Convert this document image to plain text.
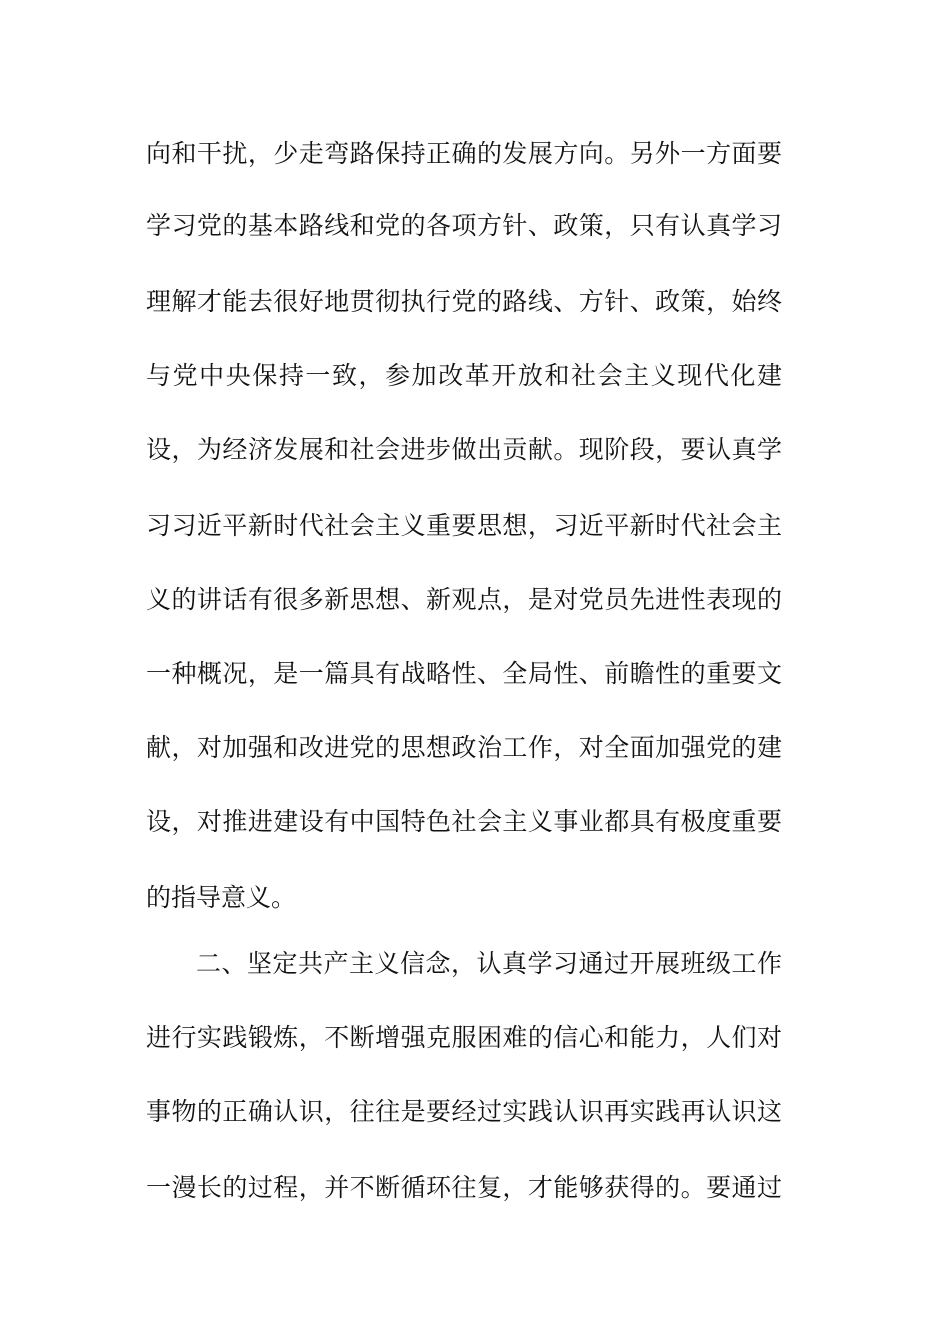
向和干扰，少走弯路保持正确的发展方向。另外一方面要
学习党的基本路线和党的各项方针、政策，只有认真学习
理解才能去很好地贯彻执行党的路线、方针、政策，始终
与党中央保持一致，参加改革开放和社会主义现代化建
设，为经济发展和社会进步做出贡献。现阶段，要认真学
习习近平新时代社会主义重要思想，习近平新时代社会主
义的讲话有很多新思想、新观点，是对党员先进性表现的
一种概况，是一篇具有战略性、全局性、前瞻性的重要文
献，对加强和改进党的思想政治工作，对全面加强党的建
设，对推进建设有中国特色社会主义事业都具有极度重要
的指导意义。
二、坚定共产主义信念，认真学习通过开展班级工作
进行实践锻炼，不断增强克服困难的信心和能力，人们对
事物的正确认识，往往是要经过实践认识再实践再认识这
一漫长的过程，并不断循环往复，才能够获得的。要通过
